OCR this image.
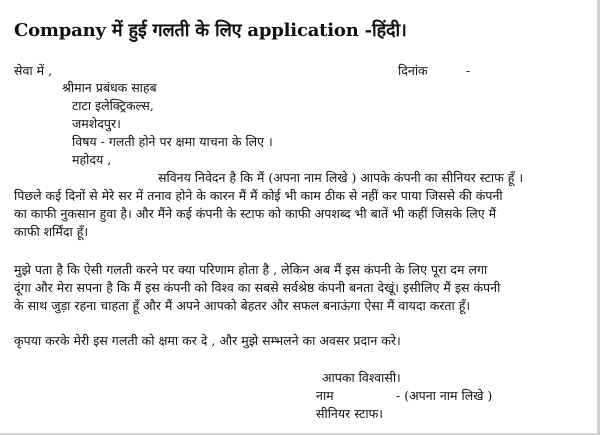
Company में हुई गलती के लिए application -हिंदी।
सेवा में ,	दिनांक	-
श्रीमान प्रबंधक साहब
टाटा इलेक्ट्रिकल्स,
जमशेदपुर।
विषय - गलती होने पर क्षमा याचना के लिए ।
महोदय ,
सविनय निवेदन है कि मैं (अपना नाम लिखे ) आपके कंपनी का सीनियर स्टाफ हूँ ।
पिछले कई दिनों से मेरे सर में तनाव होने के कारन मैं मैं कोई भी काम ठीक से नहीं कर पाया जिससे की कंपनी
का काफी नुकसान हुवा है। और मैंने कई कंपनी के स्टाफ को काफी अपशब्द भी बातें भी कहीं जिसके लिए मैं
काफी शर्मिंदा हूँ।
मुझे पता है कि ऐसी गलती करने पर क्या परिणाम होता है , लेकिन अब मैं इस कंपनी के लिए पूरा दम लगा
दूंगा और मेरा सपना है कि मैं इस कंपनी को विश्व का सबसे सर्वश्रेष्ठ कंपनी बनता देखूं। इसीलिए मैं इस कंपनी
के साथ जुड़ा रहना चाहता हूँ और मैं अपने आपको बेहतर और सफल बनाऊंगा ऐसा मैं वायदा करता हूँ।
कृपया करके मेरी इस गलती को क्षमा कर दे , और मुझे सम्भलने का अवसर प्रदान करे।
आपका विश्वासी।
नाम	- (अपना नाम लिखे )
सीनियर स्टाफ।
